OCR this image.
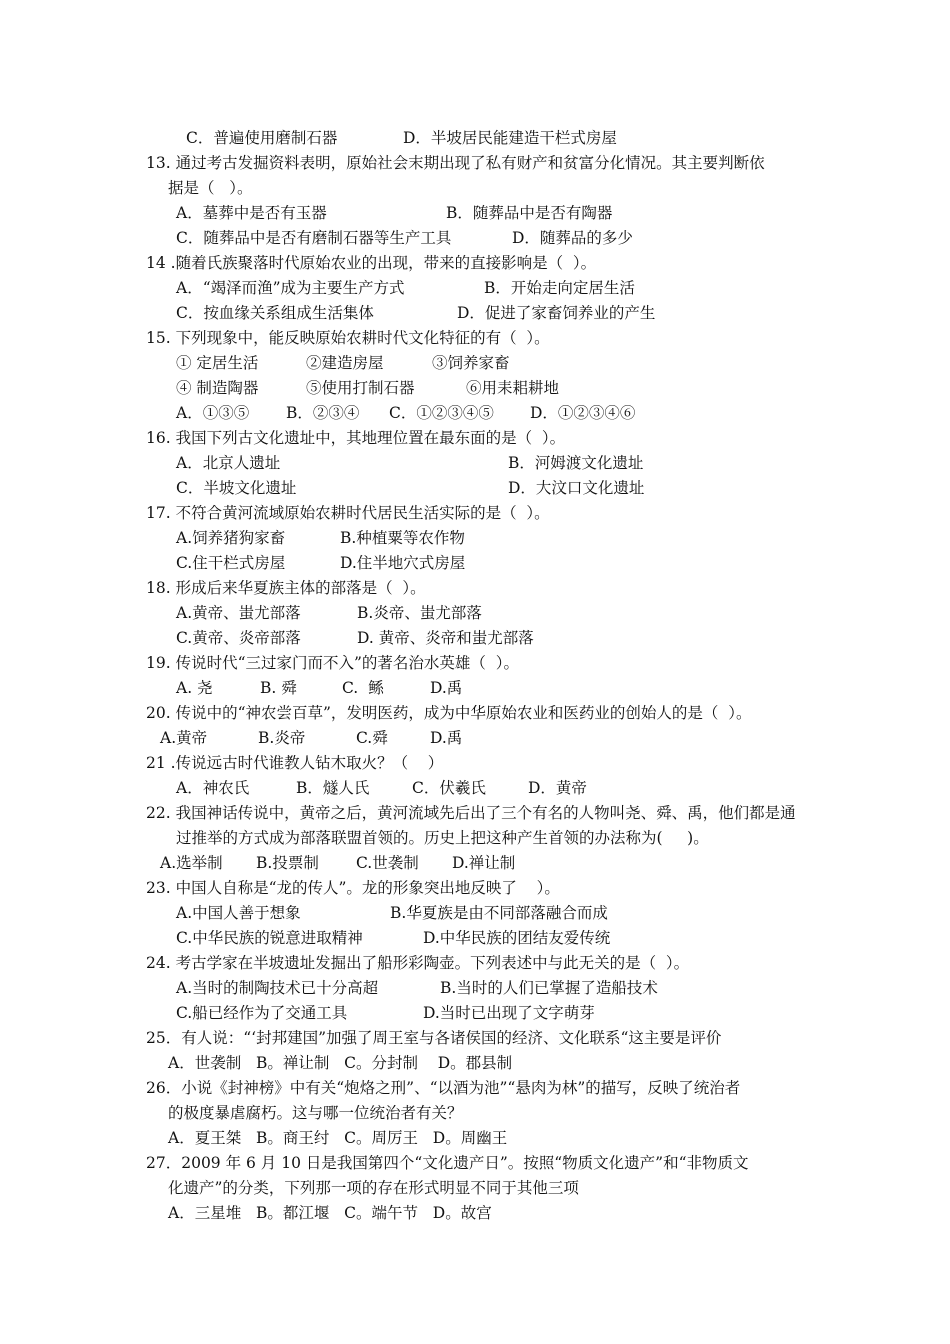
C．普遍使用磨制石器	D．半坡居民能建造干栏式房屋
13. 通过考古发掘资料表明，原始社会末期出现了私有财产和贫富分化情况。其主要判断依
据是（   ）。
A．墓葬中是否有玉器	B．随葬品中是否有陶器
C．随葬品中是否有磨制石器等生产工具	D．随葬品的多少
14 .随着氏族聚落时代原始农业的出现，带来的直接影响是（  ）。
A．“竭泽而渔”成为主要生产方式	B．开始走向定居生活
C．按血缘关系组成生活集体	D．促进了家畜饲养业的产生
15. 下列现象中，能反映原始农耕时代文化特征的有（  ）。
① 定居生活	②建造房屋	③饲养家畜
④ 制造陶器	⑤使用打制石器	⑥用耒耜耕地
A．①③⑤ B．②③④ C．①②③④⑤ D．①②③④⑥
16. 我国下列古文化遗址中，其地理位置在最东面的是（  ）。
A．北京人遗址	B．河姆渡文化遗址
C．半坡文化遗址	D．大汶口文化遗址
17. 不符合黄河流域原始农耕时代居民生活实际的是（  ）。
A.饲养猪狗家畜	B.种植粟等农作物
C.住干栏式房屋	D.住半地穴式房屋
18. 形成后来华夏族主体的部落是（  ）。
A.黄帝、蚩尤部落	B.炎帝、蚩尤部落
C.黄帝、炎帝部落	D. 黄帝、炎帝和蚩尤部落
19. 传说时代“三过家门而不入”的著名治水英雄（  ）。
A. 尧	B. 舜	C.  鲧	D.禹
20. 传说中的“神农尝百草”，发明医药，成为中华原始农业和医药业的创始人的是（  ）。
A.黄帝	B.炎帝	C.舜	D.禹
21 .传说远古时代谁教人钻木取火？（    ）
A．神农氏	B．燧人氏	C．伏羲氏	D．黄帝
22. 我国神话传说中，黄帝之后，黄河流域先后出了三个有名的人物叫尧、舜、禹，他们都是通
过推举的方式成为部落联盟首领的。历史上把这种产生首领的办法称为(     )。
A.选举制 B.投票制 C.世袭制 D.禅让制
23. 中国人自称是“龙的传人”。龙的形象突出地反映了    ）。
A.中国人善于想象	B.华夏族是由不同部落融合而成
C.中华民族的锐意进取精神	D.中华民族的团结友爱传统
24. 考古学家在半坡遗址发掘出了船形彩陶壶。下列表述中与此无关的是（  ）。
A.当时的制陶技术已十分高超	B.当时的人们已掌握了造船技术
C.船已经作为了交通工具	D.当时已出现了文字萌芽
25．有人说：“‘封邦建国”加强了周王室与各诸侯国的经济、文化联系“这主要是评价
A．世袭制   B。禅让制   C。分封制    D。郡县制
26．小说《封神榜》中有关“炮烙之刑”、“以酒为池”“悬肉为林”的描写，反映了统治者
的极度暴虐腐朽。这与哪一位统治者有关？
A．夏王桀   B。商王纣   C。周厉王   D。周幽王
27．2009 年 6 月 10 日是我国第四个“文化遗产日”。按照“物质文化遗产”和“非物质文
化遗产”的分类，下列那一项的存在形式明显不同于其他三项
A．三星堆   B。都江堰   C。端午节   D。故宫
